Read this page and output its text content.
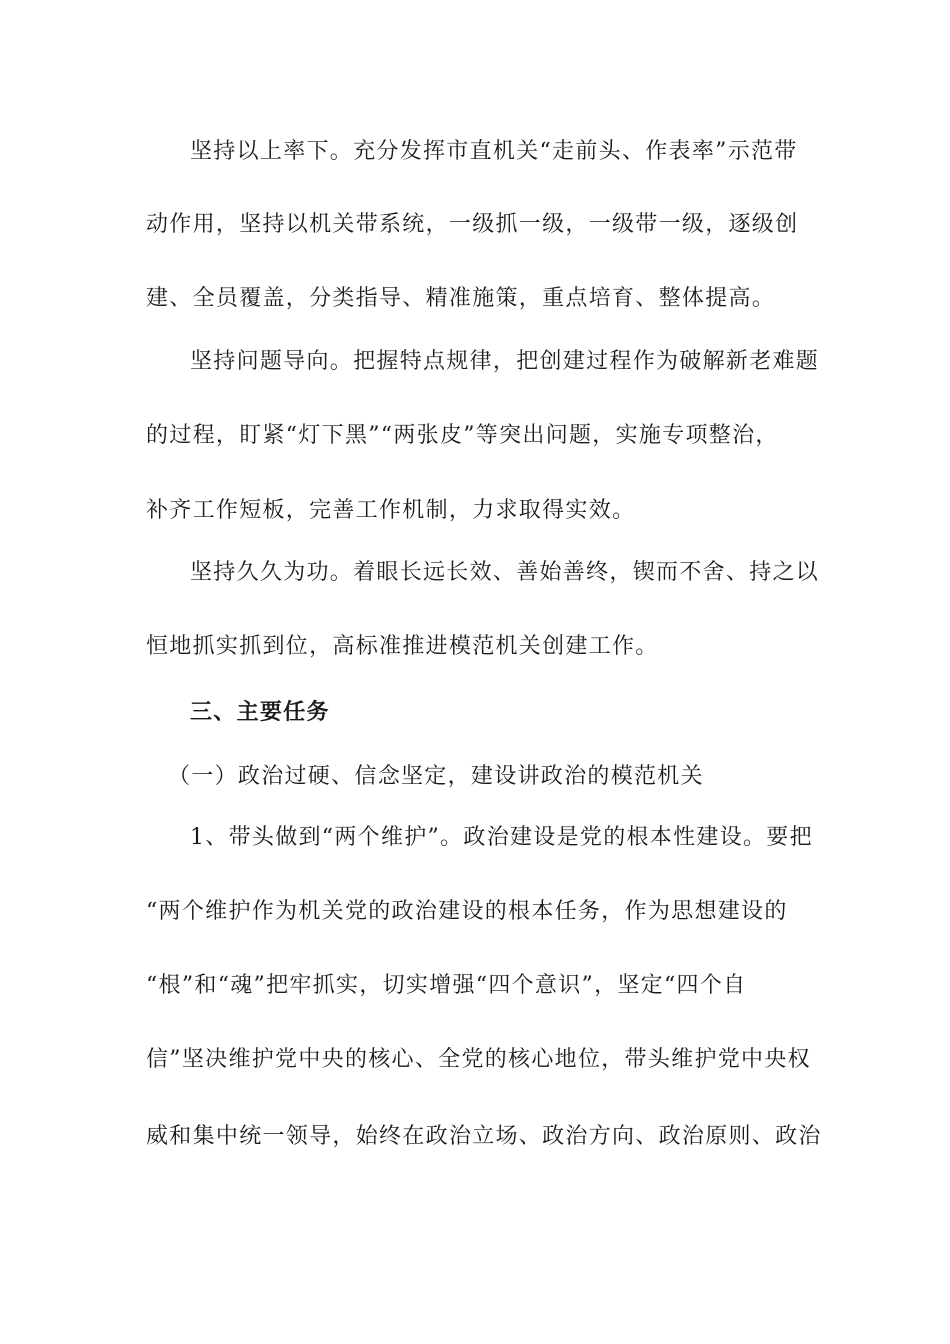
坚持以上率下。充分发挥市直机关“走前头、作表率”示范带
动作用，坚持以机关带系统，一级抓一级，一级带一级，逐级创
建、全员覆盖，分类指导、精准施策，重点培育、整体提高。
坚持问题导向。把握特点规律，把创建过程作为破解新老难题
的过程，盯紧“灯下黑”“两张皮”等突出问题，实施专项整治，
补齐工作短板，完善工作机制，力求取得实效。
坚持久久为功。着眼长远长效、善始善终，锲而不舍、持之以
恒地抓实抓到位，高标准推进模范机关创建工作。
三、主要任务
（一）政治过硬、信念坚定，建设讲政治的模范机关
1、带头做到“两个维护”。政治建设是党的根本性建设。要把
“两个维护作为机关党的政治建设的根本任务，作为思想建设的
“根”和“魂”把牢抓实，切实增强“四个意识”，坚定“四个自
信”坚决维护党中央的核心、全党的核心地位，带头维护党中央权
威和集中统一领导，始终在政治立场、政治方向、政治原则、政治
